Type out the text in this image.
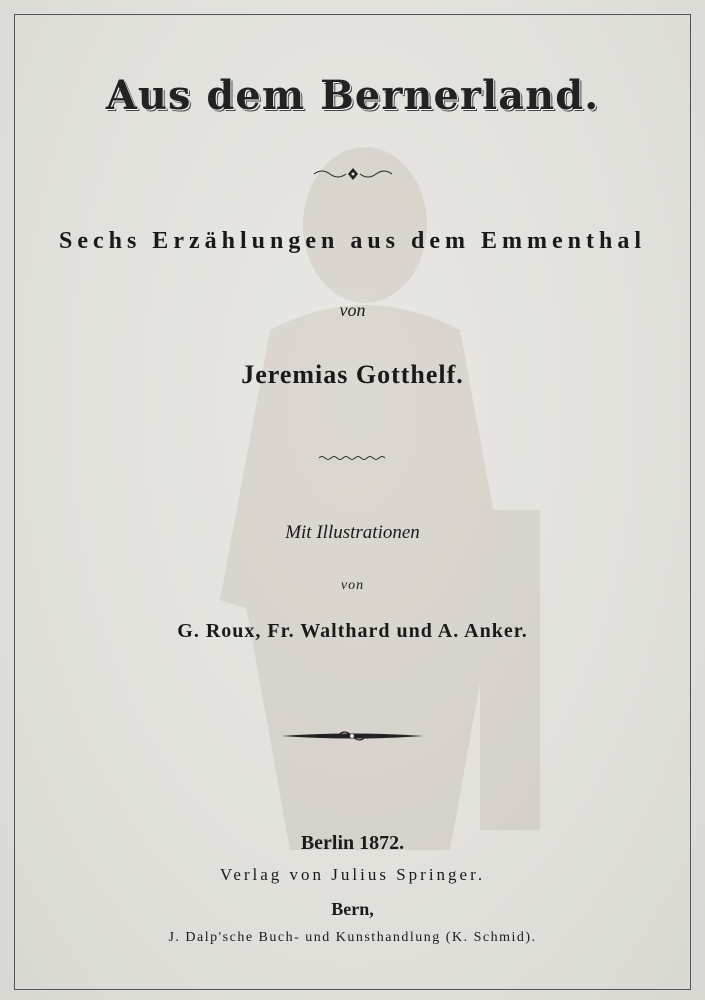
Aus dem Bernerland.
Sechs Erzählungen aus dem Emmenthal
von
Jeremias Gotthelf.
Mit Illustrationen
von
G. Roux, Fr. Walthard und A. Anker.
Berlin 1872.
Verlag von Julius Springer.
Bern,
J. Dalp'sche Buch- und Kunsthandlung (K. Schmid).
